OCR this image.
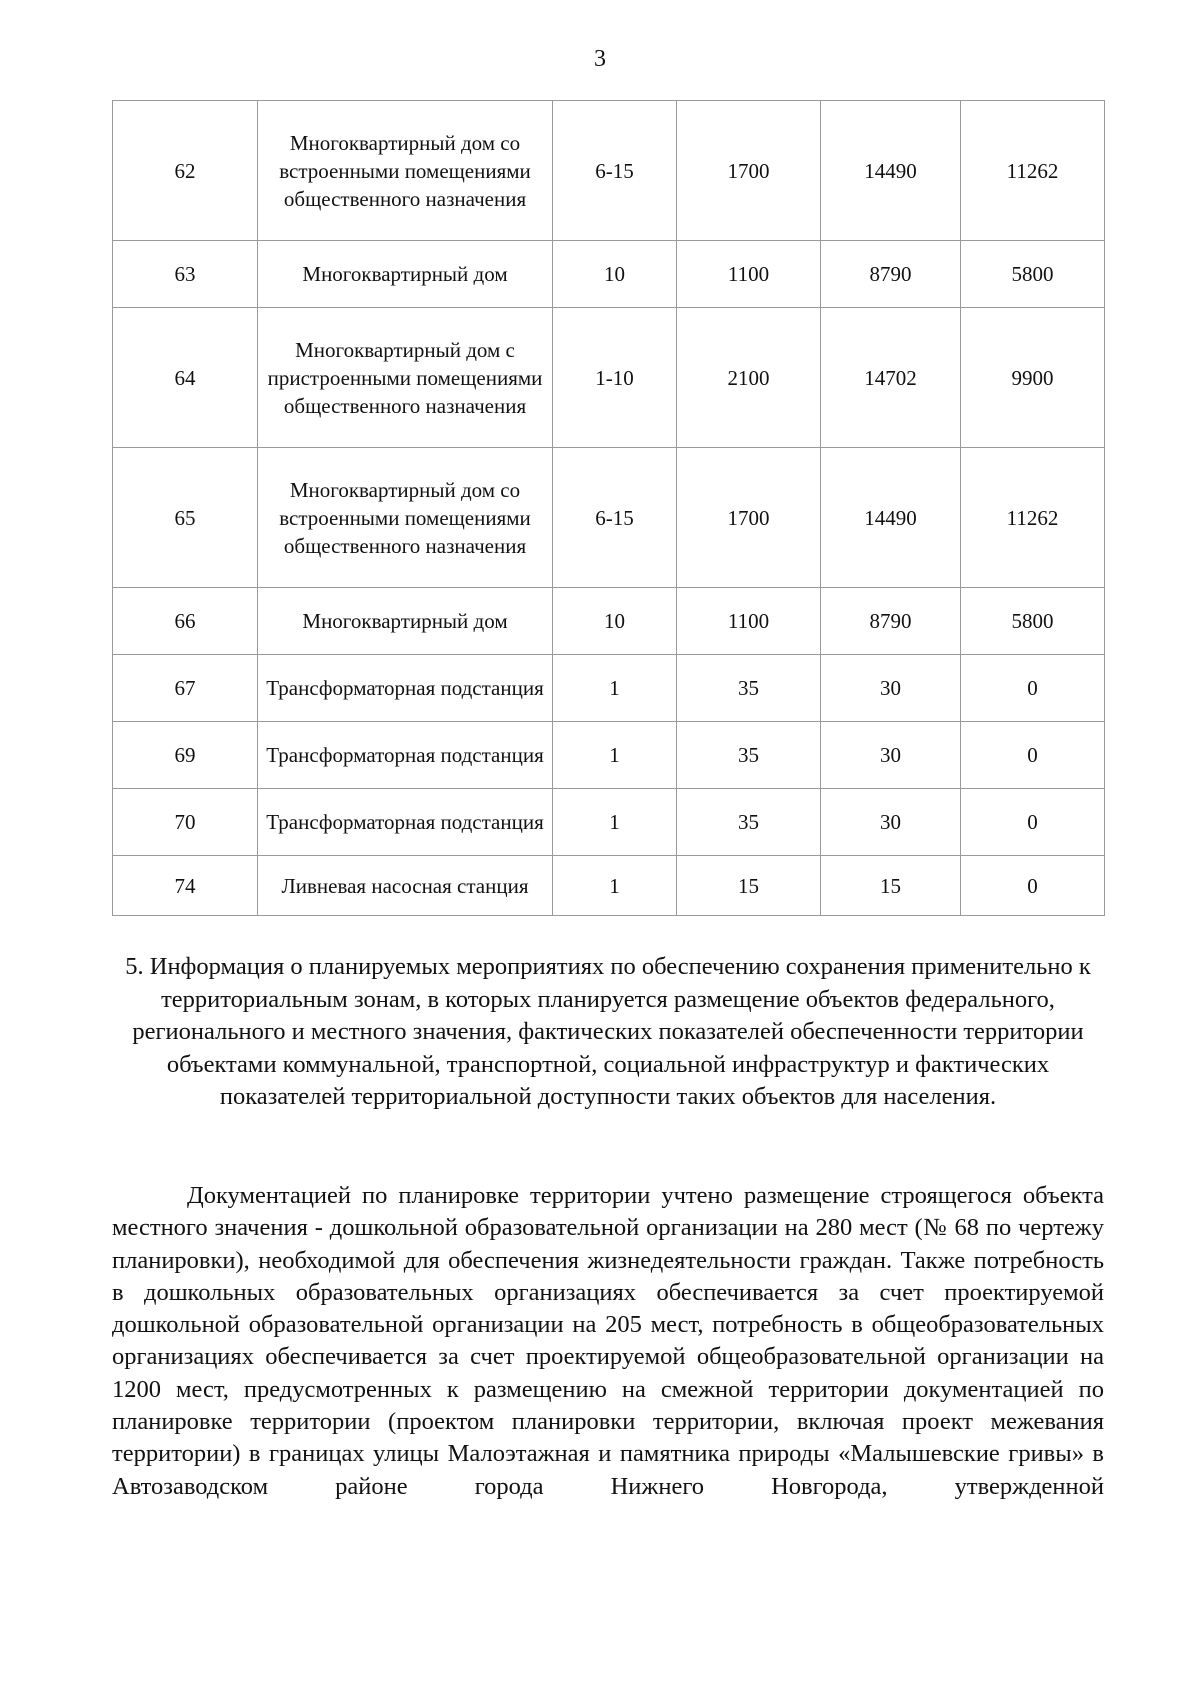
3
62	Многоквартирный дом со встроенными помещениями общественного назначения	6-15	1700	14490	11262
63	Многоквартирный дом	10	1100	8790	5800
64	Многоквартирный дом с пристроенными помещениями общественного назначения	1-10	2100	14702	9900
65	Многоквартирный дом со встроенными помещениями общественного назначения	6-15	1700	14490	11262
66	Многоквартирный дом	10	1100	8790	5800
67	Трансформаторная подстанция	1	35	30	0
69	Трансформаторная подстанция	1	35	30	0
70	Трансформаторная подстанция	1	35	30	0
74	Ливневая насосная станция	1	15	15	0
5. Информация о планируемых мероприятиях по обеспечению сохранения применительно к территориальным зонам, в которых планируется размещение объектов федерального, регионального и местного значения, фактических показателей обеспеченности территории объектами коммунальной, транспортной, социальной инфраструктур и фактических показателей территориальной доступности таких объектов для населения.
Документацией по планировке территории учтено размещение строящегося объекта местного значения - дошкольной образовательной организации на 280 мест (№ 68 по чертежу планировки), необходимой для обеспечения жизнедеятельности граждан. Также потребность в дошкольных образовательных организациях обеспечивается за счет проектируемой дошкольной образовательной организации на 205 мест, потребность в общеобразовательных организациях обеспечивается за счет проектируемой общеобразовательной организации на 1200 мест, предусмотренных к размещению на смежной территории документацией по планировке территории (проектом планировки территории, включая проект межевания территории) в границах улицы Малоэтажная и памятника природы «Малышевские гривы» в Автозаводском районе города Нижнего Новгорода, утвержденной
